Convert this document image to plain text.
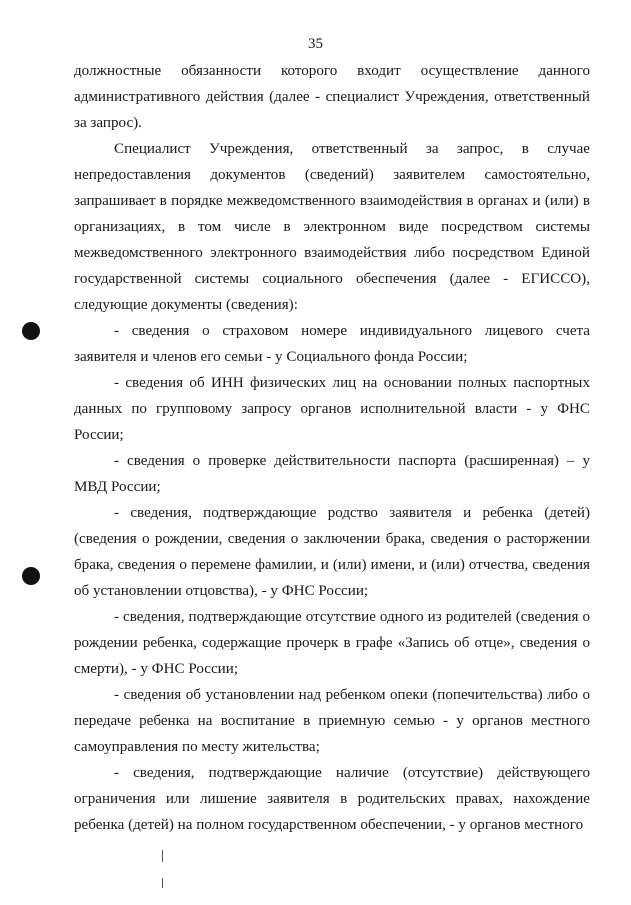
35

должностные обязанности которого входит осуществление данного административного действия (далее - специалист Учреждения, ответственный за запрос).

Специалист Учреждения, ответственный за запрос, в случае непредоставления документов (сведений) заявителем самостоятельно, запрашивает в порядке межведомственного взаимодействия в органах и (или) в организациях, в том числе в электронном виде посредством системы межведомственного электронного взаимодействия либо посредством Единой государственной системы социального обеспечения (далее - ЕГИССО), следующие документы (сведения):

- сведения о страховом номере индивидуального лицевого счета заявителя и членов его семьи - у Социального фонда России;

- сведения об ИНН физических лиц на основании полных паспортных данных по групповому запросу органов исполнительной власти - у ФНС России;

- сведения о проверке действительности паспорта (расширенная) – у МВД России;

- сведения, подтверждающие родство заявителя и ребенка (детей) (сведения о рождении, сведения о заключении брака, сведения о расторжении брака, сведения о перемене фамилии, и (или) имени, и (или) отчества, сведения об установлении отцовства), - у ФНС России;

- сведения, подтверждающие отсутствие одного из родителей (сведения о рождении ребенка, содержащие прочерк в графе «Запись об отце», сведения о смерти), - у ФНС России;

- сведения об установлении над ребенком опеки (попечительства) либо о передаче ребенка на воспитание в приемную семью - у органов местного самоуправления по месту жительства;

- сведения, подтверждающие наличие (отсутствие) действующего ограничения или лишение заявителя в родительских правах, нахождение ребенка (детей) на полном государственном обеспечении, - у органов местного
